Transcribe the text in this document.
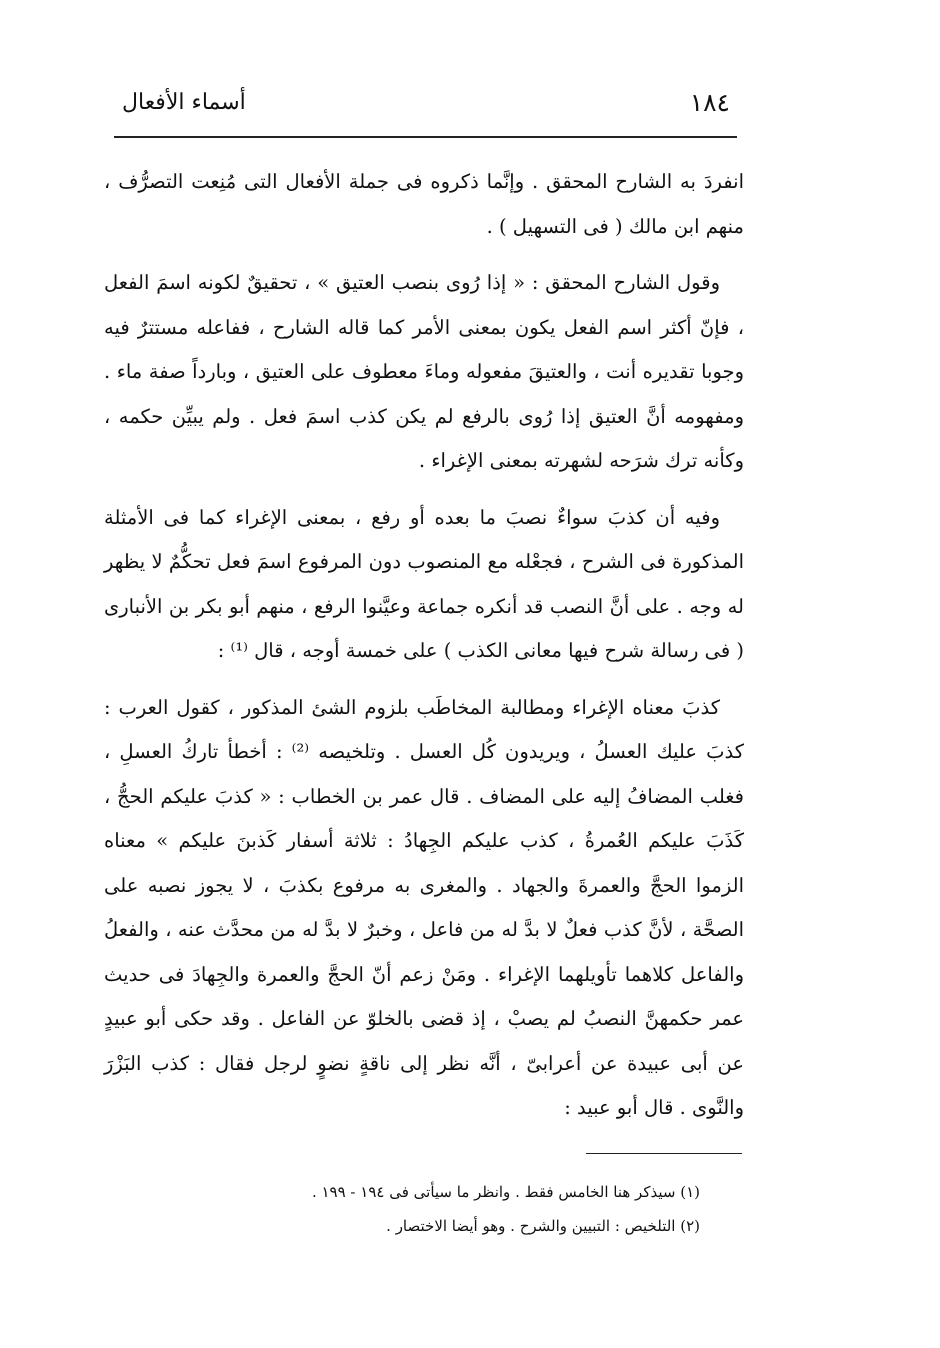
١٨٤
أسماء الأفعال

انفردَ به الشارح المحقق . وإنَّما ذكروه فى جملة الأفعال التى مُنِعت التصرُّف ، منهم ابن مالك ( فى التسهيل ) .

وقول الشارح المحقق : « إذا رُوى بنصب العتيق » ، تحقيقٌ لكونه اسمَ الفعل ، فإنّ أكثر اسم الفعل يكون بمعنى الأمر كما قاله الشارح ، ففاعله مستترٌ فيه وجوبا تقديره أنت ، والعتيقَ مفعوله وماءَ معطوف على العتيق ، وبارداً صفة ماء . ومفهومه أنَّ العتيق إذا رُوى بالرفع لم يكن كذب اسمَ فعل . ولم يبيِّن حكمه ، وكأنه ترك شرَحه لشهرته بمعنى الإغراء .

وفيه أن كذبَ سواءٌ نصبَ ما بعده أو رفع ، بمعنى الإغراء كما فى الأمثلة المذكورة فى الشرح ، فجعْله مع المنصوب دون المرفوع اسمَ فعل تحكُّمٌ لا يظهر له وجه . على أنَّ النصب قد أنكره جماعة وعيَّنوا الرفع ، منهم أبو بكر بن الأنبارى ( فى رسالة شرح فيها معانى الكذب ) على خمسة أوجه ، قال ⁽¹⁾ :

كذبَ معناه الإغراء ومطالبة المخاطَب بلزوم الشئ المذكور ، كقول العرب : كذبَ عليك العسلُ ، ويريدون كُل العسل . وتلخيصه ⁽²⁾ : أخطأ تاركُ العسلِ ، فغلب المضافُ إليه على المضاف . قال عمر بن الخطاب : « كذبَ عليكم الحجُّ ، كَذَبَ عليكم العُمرةُ ، كذب عليكم الجِهادُ : ثلاثة أسفار كَذبنَ عليكم » معناه الزموا الحجَّ والعمرةَ والجهاد . والمغرى به مرفوع بكذبَ ، لا يجوز نصبه على الصحَّة ، لأنَّ كذب فعلٌ لا بدَّ له من فاعل ، وخبرٌ لا بدَّ له من محدَّث عنه ، والفعلُ والفاعل كلاهما تأويلهما الإغراء . ومَنْ زعم أنّ الحجَّ والعمرة والجِهادَ فى حديث عمر حكمهنَّ النصبُ لم يصبْ ، إذ قضى بالخلوّ عن الفاعل . وقد حكى أبو عبيدٍ عن أبى عبيدة عن أعرابىّ ، أنَّه نظر إلى ناقةٍ نضوٍ لرجل فقال : كذب البَزْرَ والنَّوى . قال أبو عبيد :

(١) سيذكر هنا الخامس فقط . وانظر ما سيأتى فى ١٩٤ - ١٩٩ .

(٢) التلخيص : التبيين والشرح . وهو أيضا الاختصار .
